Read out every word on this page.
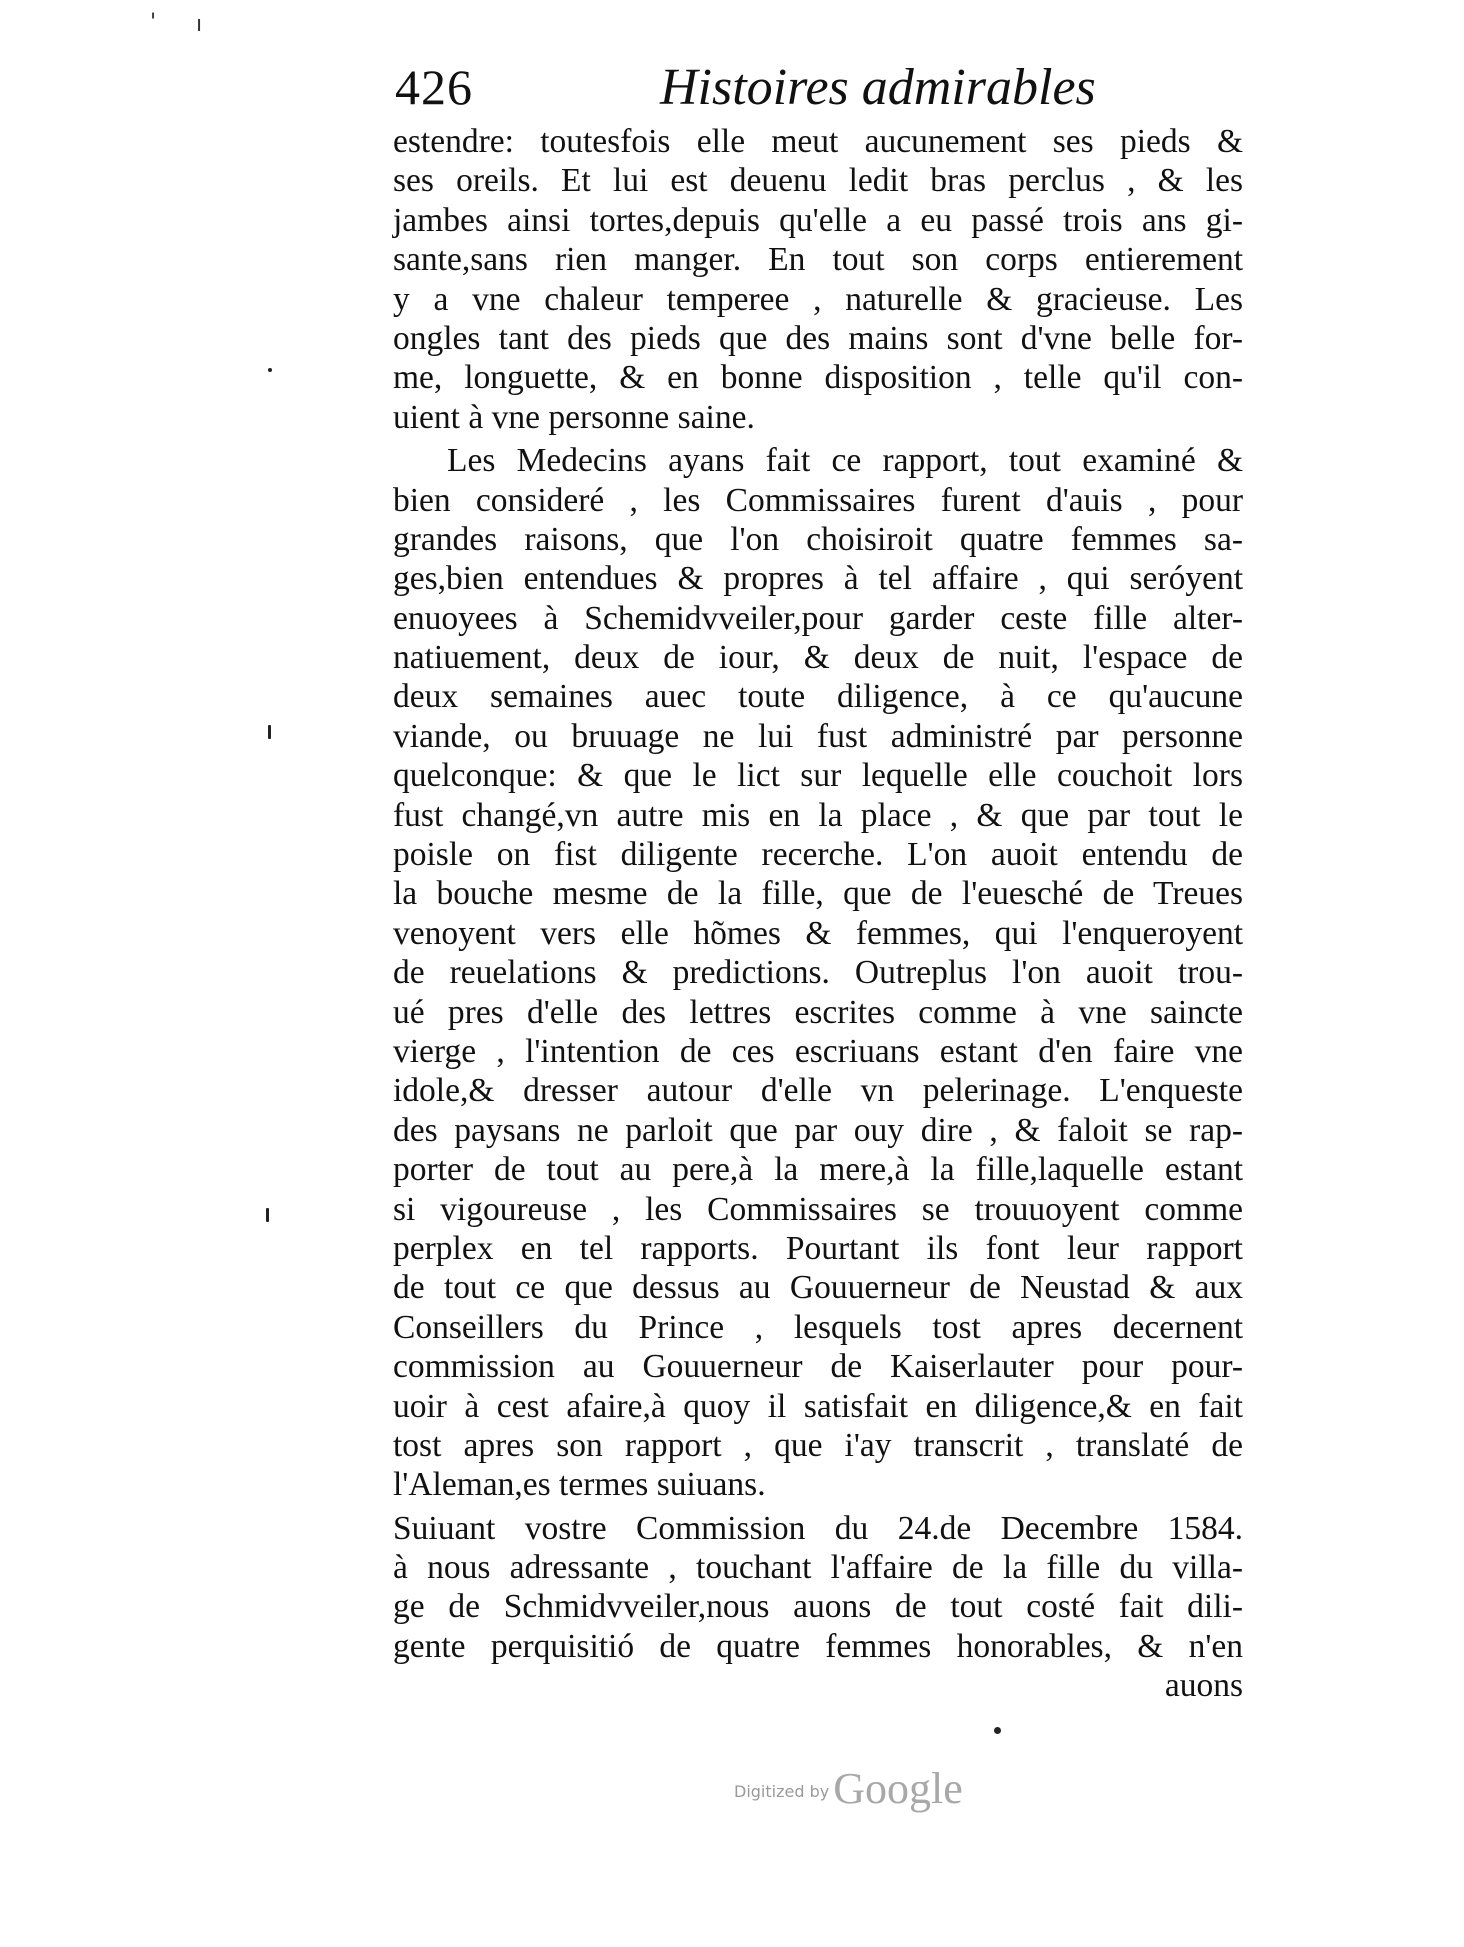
' ı
426	Histoires admirables
estendre: toutesfois elle meut aucunement ses pieds &
ses oreils. Et lui est deuenu ledit bras perclus , & les
jambes ainsi tortes,depuis qu'elle a eu passé trois ans gi-
sante,sans rien manger. En tout son corps entierement
y a vne chaleur temperee , naturelle & gracieuse. Les
ongles tant des pieds que des mains sont d'vne belle for-
me, longuette, & en bonne disposition , telle qu'il con-
uient à vne personne saine.
Les Medecins ayans fait ce rapport, tout examiné &
bien consideré , les Commissaires furent d'auis , pour
grandes raisons, que l'on choisiroit quatre femmes sa-
ges,bien entendues & propres à tel affaire , qui seróyent
enuoyees à Schemidvveiler,pour garder ceste fille alter-
natiuement, deux de iour, & deux de nuit, l'espace de
deux semaines auec toute diligence, à ce qu'aucune
viande, ou bruuage ne lui fust administré par personne
quelconque: & que le lict sur lequelle elle couchoit lors
fust changé,vn autre mis en la place , & que par tout le
poisle on fist diligente recerche. L'on auoit entendu de
la bouche mesme de la fille, que de l'euesché de Treues
venoyent vers elle hõmes & femmes, qui l'enqueroyent
de reuelations & predictions. Outreplus l'on auoit trou-
ué pres d'elle des lettres escrites comme à vne saincte
vierge , l'intention de ces escriuans estant d'en faire vne
idole,& dresser autour d'elle vn pelerinage. L'enqueste
des paysans ne parloit que par ouy dire , & faloit se rap-
porter de tout au pere,à la mere,à la fille,laquelle estant
si vigoureuse , les Commissaires se trouuoyent comme
perplex en tel rapports. Pourtant ils font leur rapport
de tout ce que dessus au Gouuerneur de Neustad & aux
Conseillers du Prince , lesquels tost apres decernent
commission au Gouuerneur de Kaiserlauter pour pour-
uoir à cest afaire,à quoy il satisfait en diligence,& en fait
tost apres son rapport , que i'ay transcrit , translaté de
l'Aleman,es termes suiuans.
Suiuant vostre Commission du 24.de Decembre 1584.
à nous adressante , touchant l'affaire de la fille du villa-
ge de Schmidvveiler,nous auons de tout costé fait dili-
gente perquisitió de quatre femmes honorables, & n'en
auons
Digitized byGoogle
